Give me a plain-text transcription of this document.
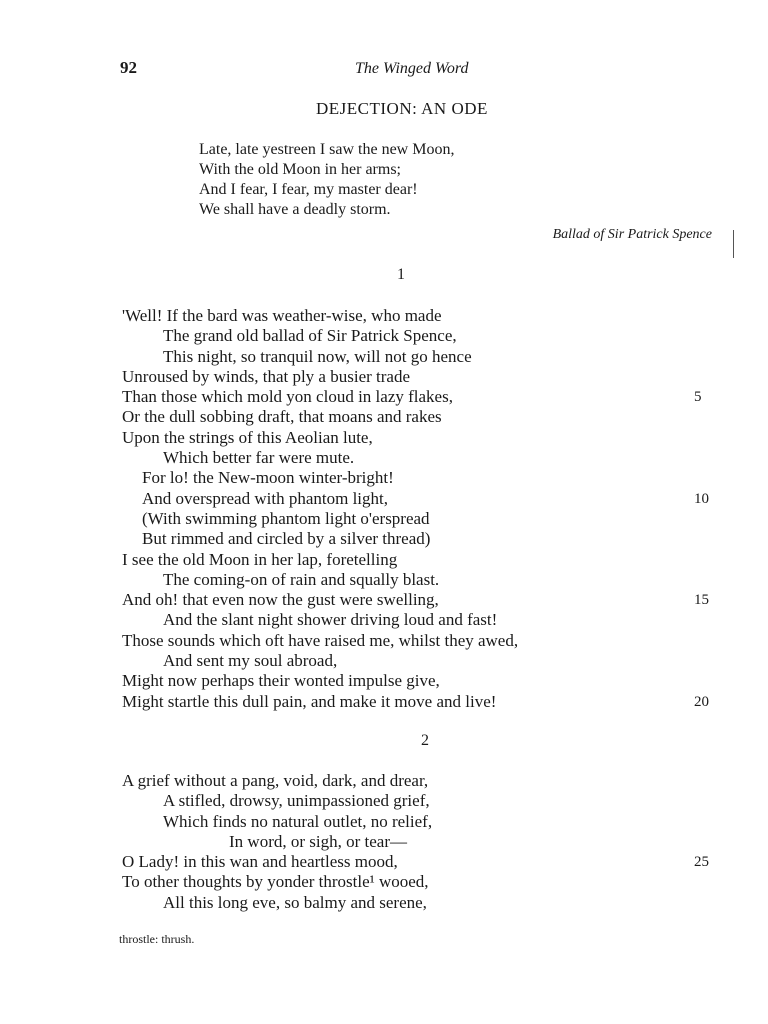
92	The Winged Word
DEJECTION: AN ODE
Late, late yestreen I saw the new Moon,
With the old Moon in her arms;
And I fear, I fear, my master dear!
We shall have a deadly storm.
Ballad of Sir Patrick Spence
1
'Well! If the bard was weather-wise, who made
The grand old ballad of Sir Patrick Spence,
This night, so tranquil now, will not go hence
Unroused by winds, that ply a busier trade
Than those which mold yon cloud in lazy flakes,	5
Or the dull sobbing draft, that moans and rakes
Upon the strings of this Aeolian lute,
Which better far were mute.
For lo! the New-moon winter-bright!
And overspread with phantom light,	10
(With swimming phantom light o'erspread
But rimmed and circled by a silver thread)
I see the old Moon in her lap, foretelling
The coming-on of rain and squally blast.
And oh! that even now the gust were swelling,	15
And the slant night shower driving loud and fast!
Those sounds which oft have raised me, whilst they awed,
And sent my soul abroad,
Might now perhaps their wonted impulse give,
Might startle this dull pain, and make it move and live!	20
2
A grief without a pang, void, dark, and drear,
A stifled, drowsy, unimpassioned grief,
Which finds no natural outlet, no relief,
In word, or sigh, or tear—
O Lady! in this wan and heartless mood,	25
To other thoughts by yonder throstle¹ wooed,
All this long eve, so balmy and serene,
throstle: thrush.
